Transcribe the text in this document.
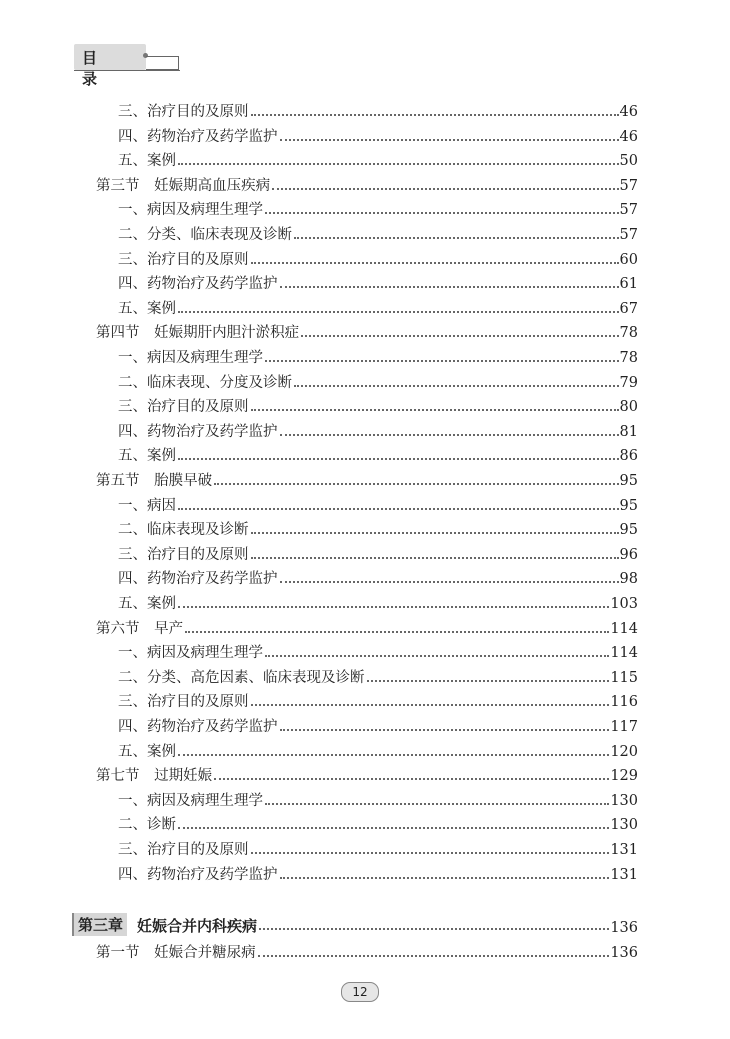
目 录
三、治疗目的及原则	46
四、药物治疗及药学监护	46
五、案例	50
第三节 妊娠期高血压疾病	57
一、病因及病理生理学	57
二、分类、临床表现及诊断	57
三、治疗目的及原则	60
四、药物治疗及药学监护	61
五、案例	67
第四节 妊娠期肝内胆汁淤积症	78
一、病因及病理生理学	78
二、临床表现、分度及诊断	79
三、治疗目的及原则	80
四、药物治疗及药学监护	81
五、案例	86
第五节 胎膜早破	95
一、病因	95
二、临床表现及诊断	95
三、治疗目的及原则	96
四、药物治疗及药学监护	98
五、案例	103
第六节 早产	114
一、病因及病理生理学	114
二、分类、高危因素、临床表现及诊断	115
三、治疗目的及原则	116
四、药物治疗及药学监护	117
五、案例	120
第七节 过期妊娠	129
一、病因及病理生理学	130
二、诊断	130
三、治疗目的及原则	131
四、药物治疗及药学监护	131
第三章 妊娠合并内科疾病	136
第一节 妊娠合并糖尿病	136
12
